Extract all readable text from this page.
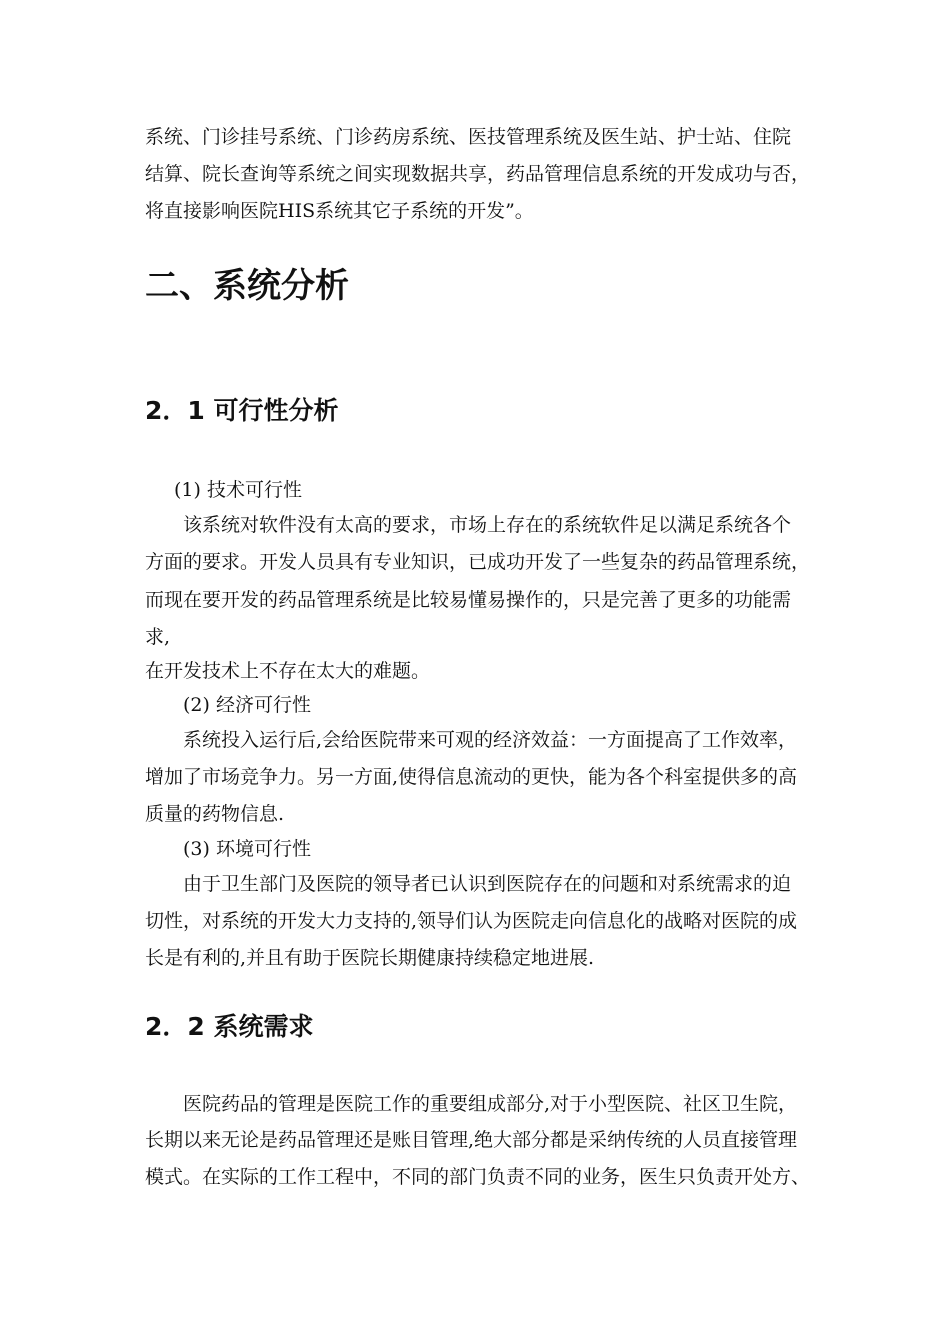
系统、门诊挂号系统、门诊药房系统、医技管理系统及医生站、护士站、住院
结算、院长查询等系统之间实现数据共享，药品管理信息系统的开发成功与否，
将直接影响医院HIS系统其它子系统的开发”。
二、系统分析
2．1 可行性分析
(1) 技术可行性
该系统对软件没有太高的要求，市场上存在的系统软件足以满足系统各个
方面的要求。开发人员具有专业知识，已成功开发了一些复杂的药品管理系统，
而现在要开发的药品管理系统是比较易懂易操作的，只是完善了更多的功能需
求,
在开发技术上不存在太大的难题。
(2) 经济可行性
系统投入运行后,会给医院带来可观的经济效益：一方面提高了工作效率，
增加了市场竞争力。另一方面,使得信息流动的更快，能为各个科室提供多的高
质量的药物信息.
(3) 环境可行性
由于卫生部门及医院的领导者已认识到医院存在的问题和对系统需求的迫
切性，对系统的开发大力支持的,领导们认为医院走向信息化的战略对医院的成
长是有利的,并且有助于医院长期健康持续稳定地进展.
2．2 系统需求
医院药品的管理是医院工作的重要组成部分,对于小型医院、社区卫生院，
长期以来无论是药品管理还是账目管理,绝大部分都是采纳传统的人员直接管理
模式。在实际的工作工程中，不同的部门负责不同的业务，医生只负责开处方、
